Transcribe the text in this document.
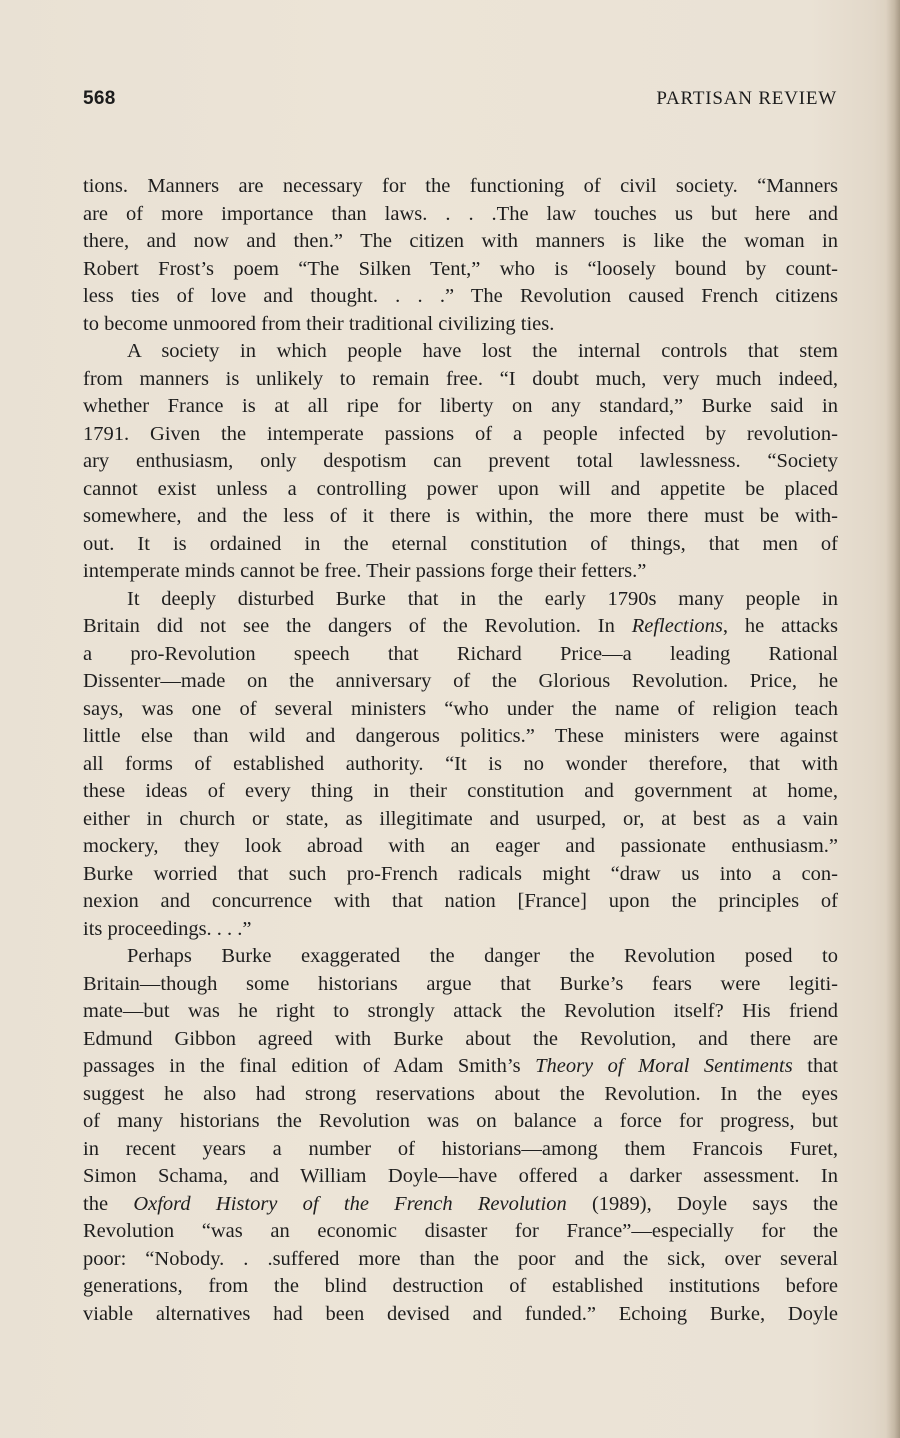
568	PARTISAN REVIEW
tions. Manners are necessary for the functioning of civil society. “Manners
are of more importance than laws. . . .The law touches us but here and
there, and now and then.” The citizen with manners is like the woman in
Robert Frost’s poem “The Silken Tent,” who is “loosely bound by count-
less ties of love and thought. . . .” The Revolution caused French citizens
to become unmoored from their traditional civilizing ties.
A society in which people have lost the internal controls that stem
from manners is unlikely to remain free. “I doubt much, very much indeed,
whether France is at all ripe for liberty on any standard,” Burke said in
1791. Given the intemperate passions of a people infected by revolution-
ary enthusiasm, only despotism can prevent total lawlessness. “Society
cannot exist unless a controlling power upon will and appetite be placed
somewhere, and the less of it there is within, the more there must be with-
out. It is ordained in the eternal constitution of things, that men of
intemperate minds cannot be free. Their passions forge their fetters.”
It deeply disturbed Burke that in the early 1790s many people in
Britain did not see the dangers of the Revolution. In Reflections, he attacks
a pro-Revolution speech that Richard Price—a leading Rational
Dissenter—made on the anniversary of the Glorious Revolution. Price, he
says, was one of several ministers “who under the name of religion teach
little else than wild and dangerous politics.” These ministers were against
all forms of established authority. “It is no wonder therefore, that with
these ideas of every thing in their constitution and government at home,
either in church or state, as illegitimate and usurped, or, at best as a vain
mockery, they look abroad with an eager and passionate enthusiasm.”
Burke worried that such pro-French radicals might “draw us into a con-
nexion and concurrence with that nation [France] upon the principles of
its proceedings. . . .”
Perhaps Burke exaggerated the danger the Revolution posed to
Britain—though some historians argue that Burke’s fears were legiti-
mate—but was he right to strongly attack the Revolution itself? His friend
Edmund Gibbon agreed with Burke about the Revolution, and there are
passages in the final edition of Adam Smith’s Theory of Moral Sentiments that
suggest he also had strong reservations about the Revolution. In the eyes
of many historians the Revolution was on balance a force for progress, but
in recent years a number of historians—among them Francois Furet,
Simon Schama, and William Doyle—have offered a darker assessment. In
the Oxford History of the French Revolution (1989), Doyle says the
Revolution “was an economic disaster for France”—especially for the
poor: “Nobody. . .suffered more than the poor and the sick, over several
generations, from the blind destruction of established institutions before
viable alternatives had been devised and funded.” Echoing Burke, Doyle
